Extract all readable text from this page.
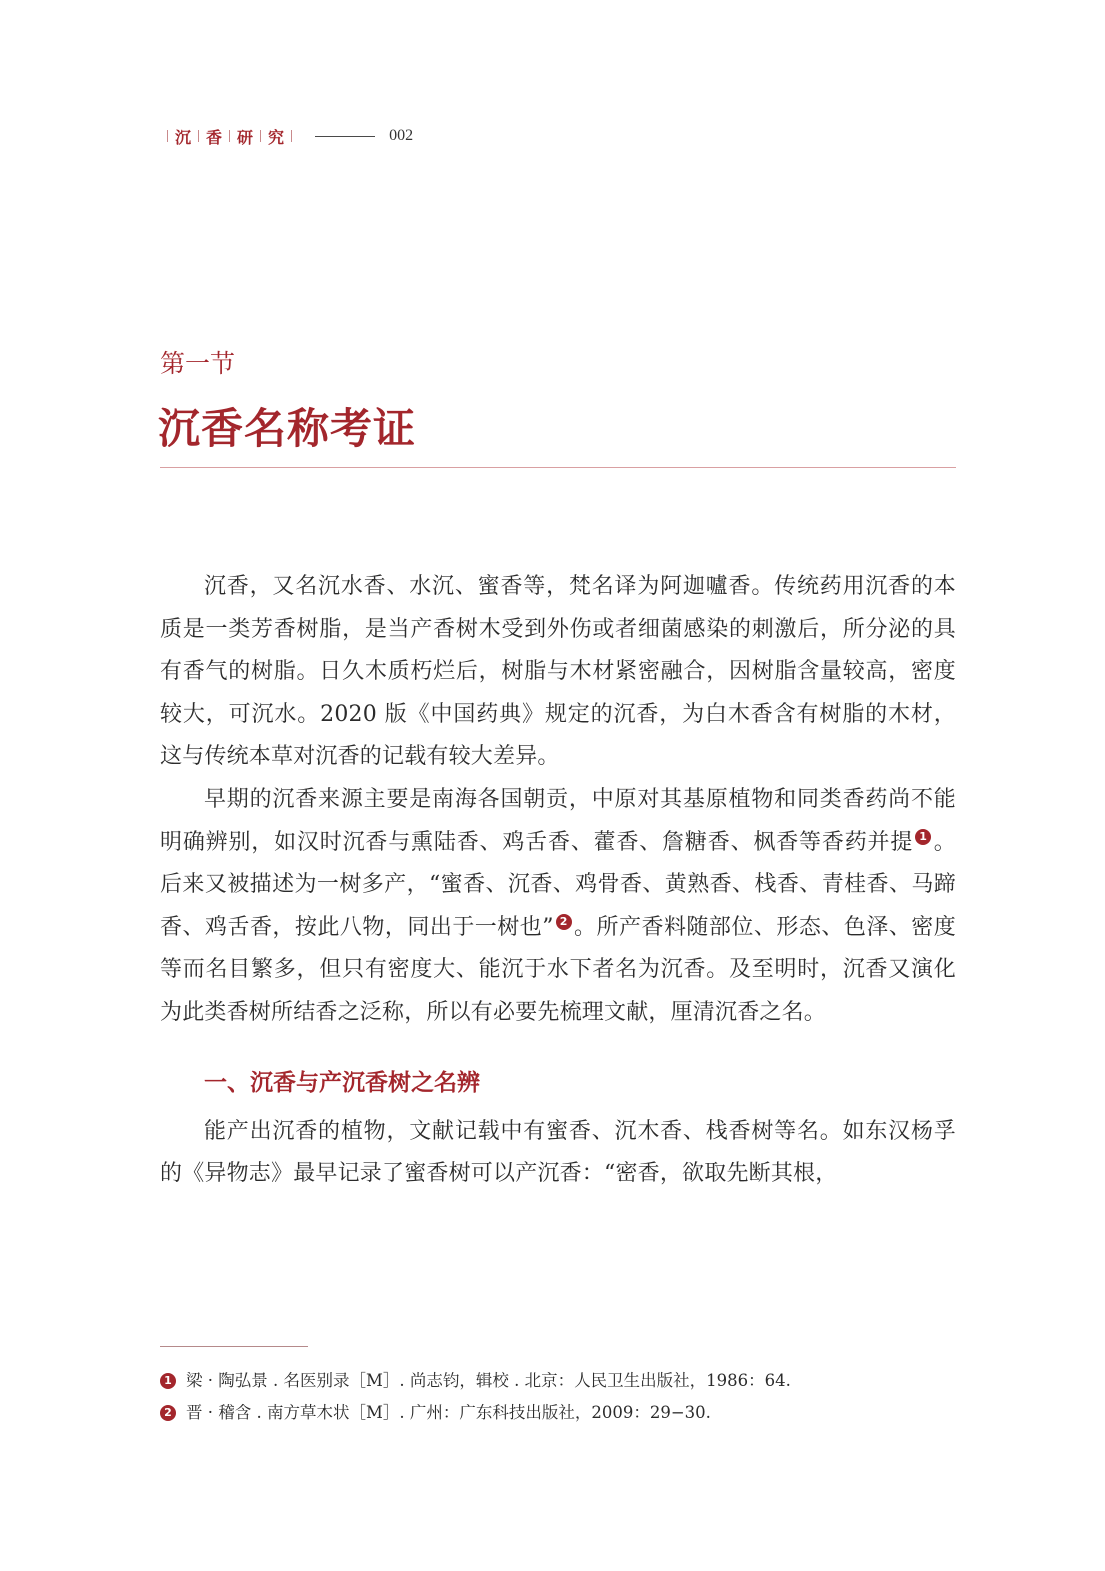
沉 香 研 究	002
第一节
沉香名称考证

沉香，又名沉水香、水沉、蜜香等，梵名译为阿迦嚧香。传统药用沉香的本质是一类芳香树脂，是当产香树木受到外伤或者细菌感染的刺激后，所分泌的具有香气的树脂。日久木质朽烂后，树脂与木材紧密融合，因树脂含量较高，密度较大，可沉水。2020 版《中国药典》规定的沉香，为白木香含有树脂的木材，这与传统本草对沉香的记载有较大差异。

早期的沉香来源主要是南海各国朝贡，中原对其基原植物和同类香药尚不能明确辨别，如汉时沉香与熏陆香、鸡舌香、藿香、詹糖香、枫香等香药并提 1 。后来又被描述为一树多产，“蜜香、沉香、鸡骨香、黄熟香、栈香、青桂香、马蹄香、鸡舌香，按此八物，同出于一树也” 2 。所产香料随部位、形态、色泽、密度等而名目繁多，但只有密度大、能沉于水下者名为沉香。及至明时，沉香又演化为此类香树所结香之泛称，所以有必要先梳理文献，厘清沉香之名。

一、沉香与产沉香树之名辨

能产出沉香的植物，文献记载中有蜜香、沉木香、栈香树等名。如东汉杨孚的《异物志》最早记录了蜜香树可以产沉香：“密香，欲取先断其根，

1 梁 · 陶弘景 . 名医别录［M］. 尚志钧，辑校 . 北京：人民卫生出版社，1986：64.
2 晋 · 稽含 . 南方草木状［M］. 广州：广东科技出版社，2009：29−30.
